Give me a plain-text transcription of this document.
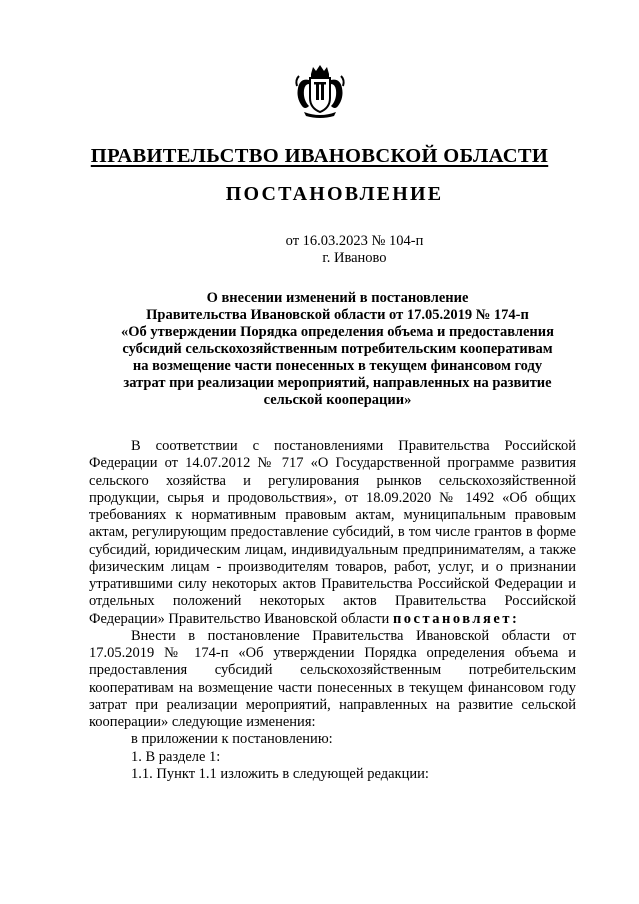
ПРАВИТЕЛЬСТВО ИВАНОВСКОЙ ОБЛАСТИ
ПОСТАНОВЛЕНИЕ
от 16.03.2023 № 104-п
г. Иваново
О внесении изменений в постановление
Правительства Ивановской области от 17.05.2019 № 174-п
«Об утверждении Порядка определения объема и предоставления
субсидий сельскохозяйственным потребительским кооперативам
на возмещение части понесенных в текущем финансовом году
затрат при реализации мероприятий, направленных на развитие
сельской кооперации»

В соответствии с постановлениями Правительства Российской Федерации от 14.07.2012 № 717 «О Государственной программе развития сельского хозяйства и регулирования рынков сельскохозяйственной продукции, сырья и продовольствия», от 18.09.2020 № 1492 «Об общих требованиях к нормативным правовым актам, муниципальным правовым актам, регулирующим предоставление субсидий, в том числе грантов в форме субсидий, юридическим лицам, индивидуальным предпринимателям, а также физическим лицам - производителям товаров, работ, услуг, и о признании утратившими силу некоторых актов Правительства Российской Федерации и отдельных положений некоторых актов Правительства Российской Федерации» Правительство Ивановской области постановляет:

Внести в постановление Правительства Ивановской области от 17.05.2019 № 174-п «Об утверждении Порядка определения объема и предоставления субсидий сельскохозяйственным потребительским кооперативам на возмещение части понесенных в текущем финансовом году затрат при реализации мероприятий, направленных на развитие сельской кооперации» следующие изменения:

в приложении к постановлению:

1. В разделе 1:

1.1. Пункт 1.1 изложить в следующей редакции:
